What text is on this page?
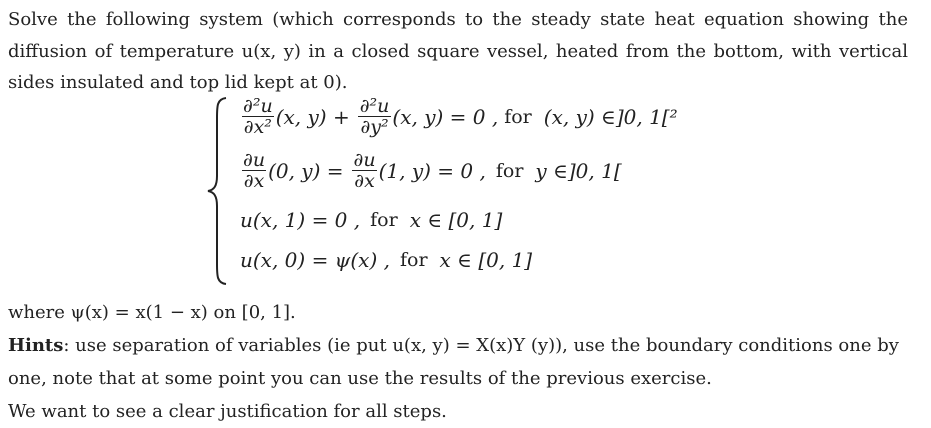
Solve the following system (which corresponds to the steady state heat equation showing the diffusion of temperature u(x, y) in a closed square vessel, heated from the bottom, with vertical sides insulated and top lid kept at 0).

$\frac{\text{∂²u}}{\text{∂x²}} (x$, $y) + \frac{\text{∂²u}}{\text{∂y²}} (x$, y) = 0 , for (x, y) ∈]0, 1[²
$\frac{\partial u}{\partial x} (0$, $y) = \frac{\partial u}{\partial x} (1$, y) = 0 , for y ∈]0, 1[
u(x, 1) = 0 , for x ∈ [0, 1]
u(x, 0) = ψ(x) , for x ∈ [0, 1]

where ψ(x) = x(1 − x) on [0, 1].

Hints: use separation of variables (ie put u(x, y) = X(x)Y (y)), use the boundary conditions one by one, note that at some point you can use the results of the previous exercise.

We want to see a clear justification for all steps.
